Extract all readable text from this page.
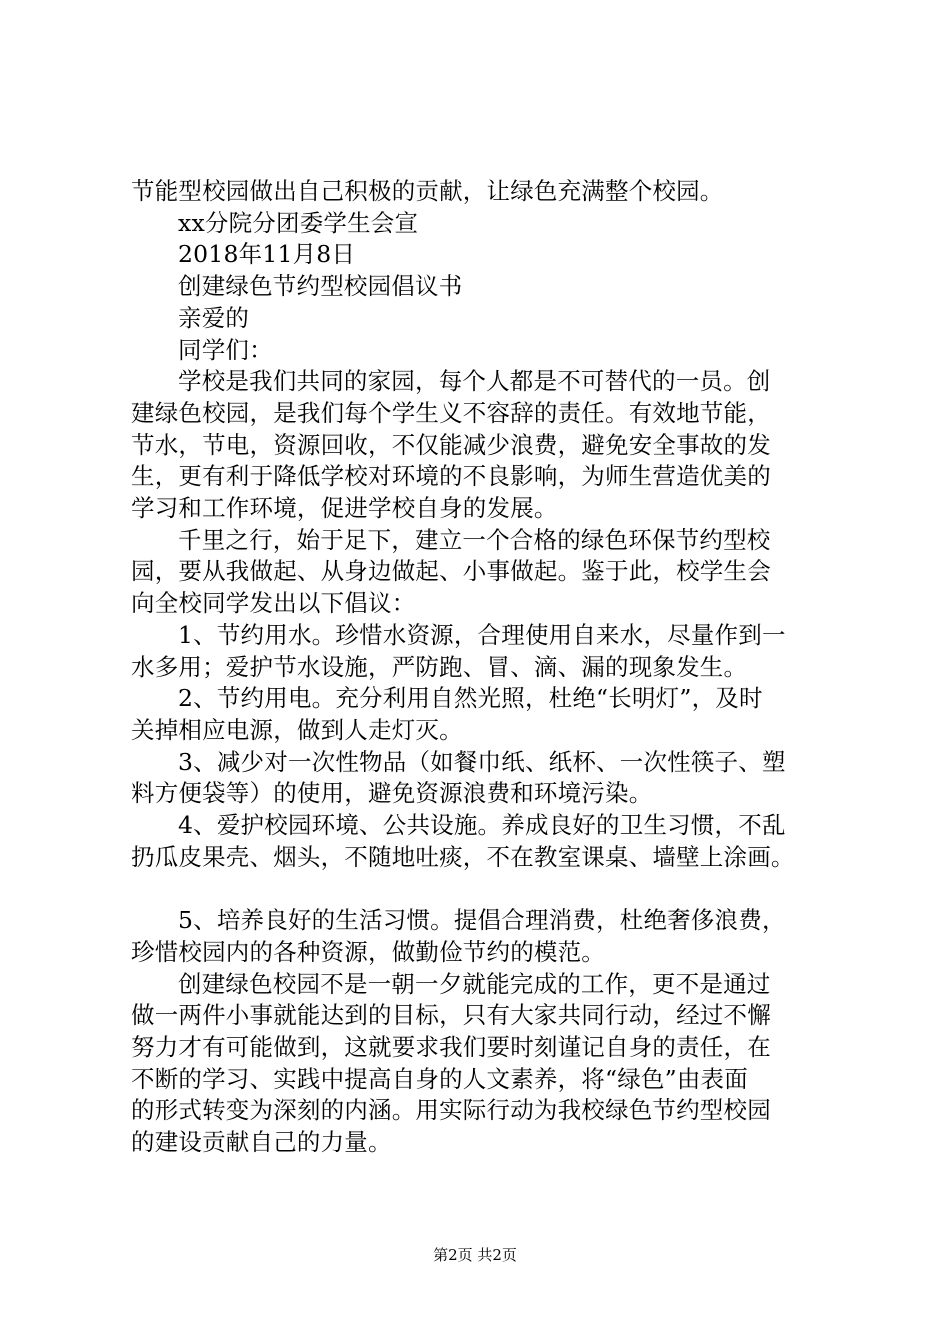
节能型校园做出自己积极的贡献，让绿色充满整个校园。
xx分院分团委学生会宣
2018年11月8日
创建绿色节约型校园倡议书
亲爱的
同学们：
学校是我们共同的家园，每个人都是不可替代的一员。创
建绿色校园，是我们每个学生义不容辞的责任。有效地节能，
节水，节电，资源回收，不仅能减少浪费，避免安全事故的发
生，更有利于降低学校对环境的不良影响，为师生营造优美的
学习和工作环境，促进学校自身的发展。
千里之行，始于足下，建立一个合格的绿色环保节约型校
园，要从我做起、从身边做起、小事做起。鉴于此，校学生会
向全校同学发出以下倡议：
1、节约用水。珍惜水资源，合理使用自来水，尽量作到一
水多用；爱护节水设施，严防跑、冒、滴、漏的现象发生。
2、节约用电。充分利用自然光照，杜绝“长明灯”，及时
关掉相应电源，做到人走灯灭。
3、减少对一次性物品（如餐巾纸、纸杯、一次性筷子、塑
料方便袋等）的使用，避免资源浪费和环境污染。
4、爱护校园环境、公共设施。养成良好的卫生习惯，不乱
扔瓜皮果壳、烟头，不随地吐痰，不在教室课桌、墙壁上涂画。
5、培养良好的生活习惯。提倡合理消费，杜绝奢侈浪费，
珍惜校园内的各种资源，做勤俭节约的模范。
创建绿色校园不是一朝一夕就能完成的工作，更不是通过
做一两件小事就能达到的目标，只有大家共同行动，经过不懈
努力才有可能做到，这就要求我们要时刻谨记自身的责任，在
不断的学习、实践中提高自身的人文素养，将“绿色”由表面
的形式转变为深刻的内涵。用实际行动为我校绿色节约型校园
的建设贡献自己的力量。
第2页 共2页
